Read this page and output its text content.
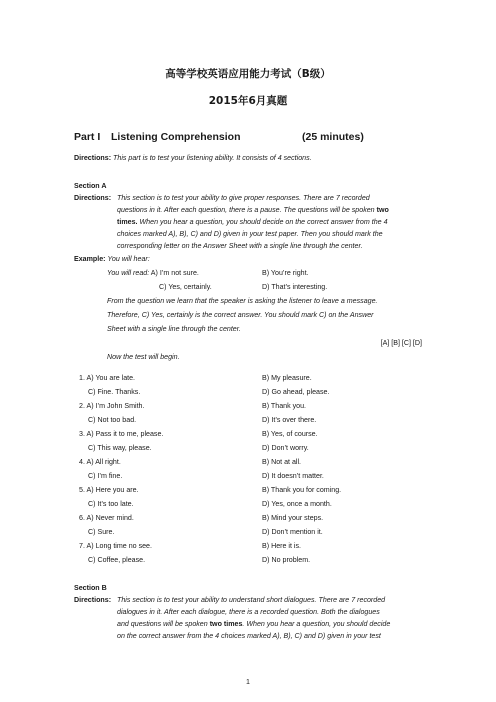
高等学校英语应用能力考试（B级）
2015年6月真题
Part I Listening Comprehension	(25 minutes)
Directions: This part is to test your listening ability. It consists of 4 sections.
Section A
Directions: This section is to test your ability to give proper responses. There are 7 recorded
questions in it. After each question, there is a pause. The questions will be spoken two
times. When you hear a question, you should decide on the correct answer from the 4
choices marked A), B), C) and D) given in your test paper. Then you should mark the
corresponding letter on the Answer Sheet with a single line through the center.
Example: You will hear:
You will read: A) I’m not sure.	B) You’re right.
C) Yes, certainly.	D) That’s interesting.
From the question we learn that the speaker is asking the listener to leave a message.
Therefore, C) Yes, certainly is the correct answer. You should mark C) on the Answer
Sheet with a single line through the center.
[A] [B] [C] [D]
Now the test will begin.
1. A) You are late.	B) My pleasure.
C) Fine. Thanks.	D) Go ahead, please.
2. A) I’m John Smith.	B) Thank you.
C) Not too bad.	D) It’s over there.
3. A) Pass it to me, please.	B) Yes, of course.
C) This way, please.	D) Don’t worry.
4. A) All right.	B) Not at all.
C) I’m fine.	D) It doesn’t matter.
5. A) Here you are.	B) Thank you for coming.
C) It’s too late.	D) Yes, once a month.
6. A) Never mind.	B) Mind your steps.
C) Sure.	D) Don’t mention it.
7. A) Long time no see.	B) Here it is.
C) Coffee, please.	D) No problem.
Section B
Directions: This section is to test your ability to understand short dialogues. There are 7 recorded
dialogues in it. After each dialogue, there is a recorded question. Both the dialogues
and questions will be spoken two times. When you hear a question, you should decide
on the correct answer from the 4 choices marked A), B), C) and D) given in your test
1
